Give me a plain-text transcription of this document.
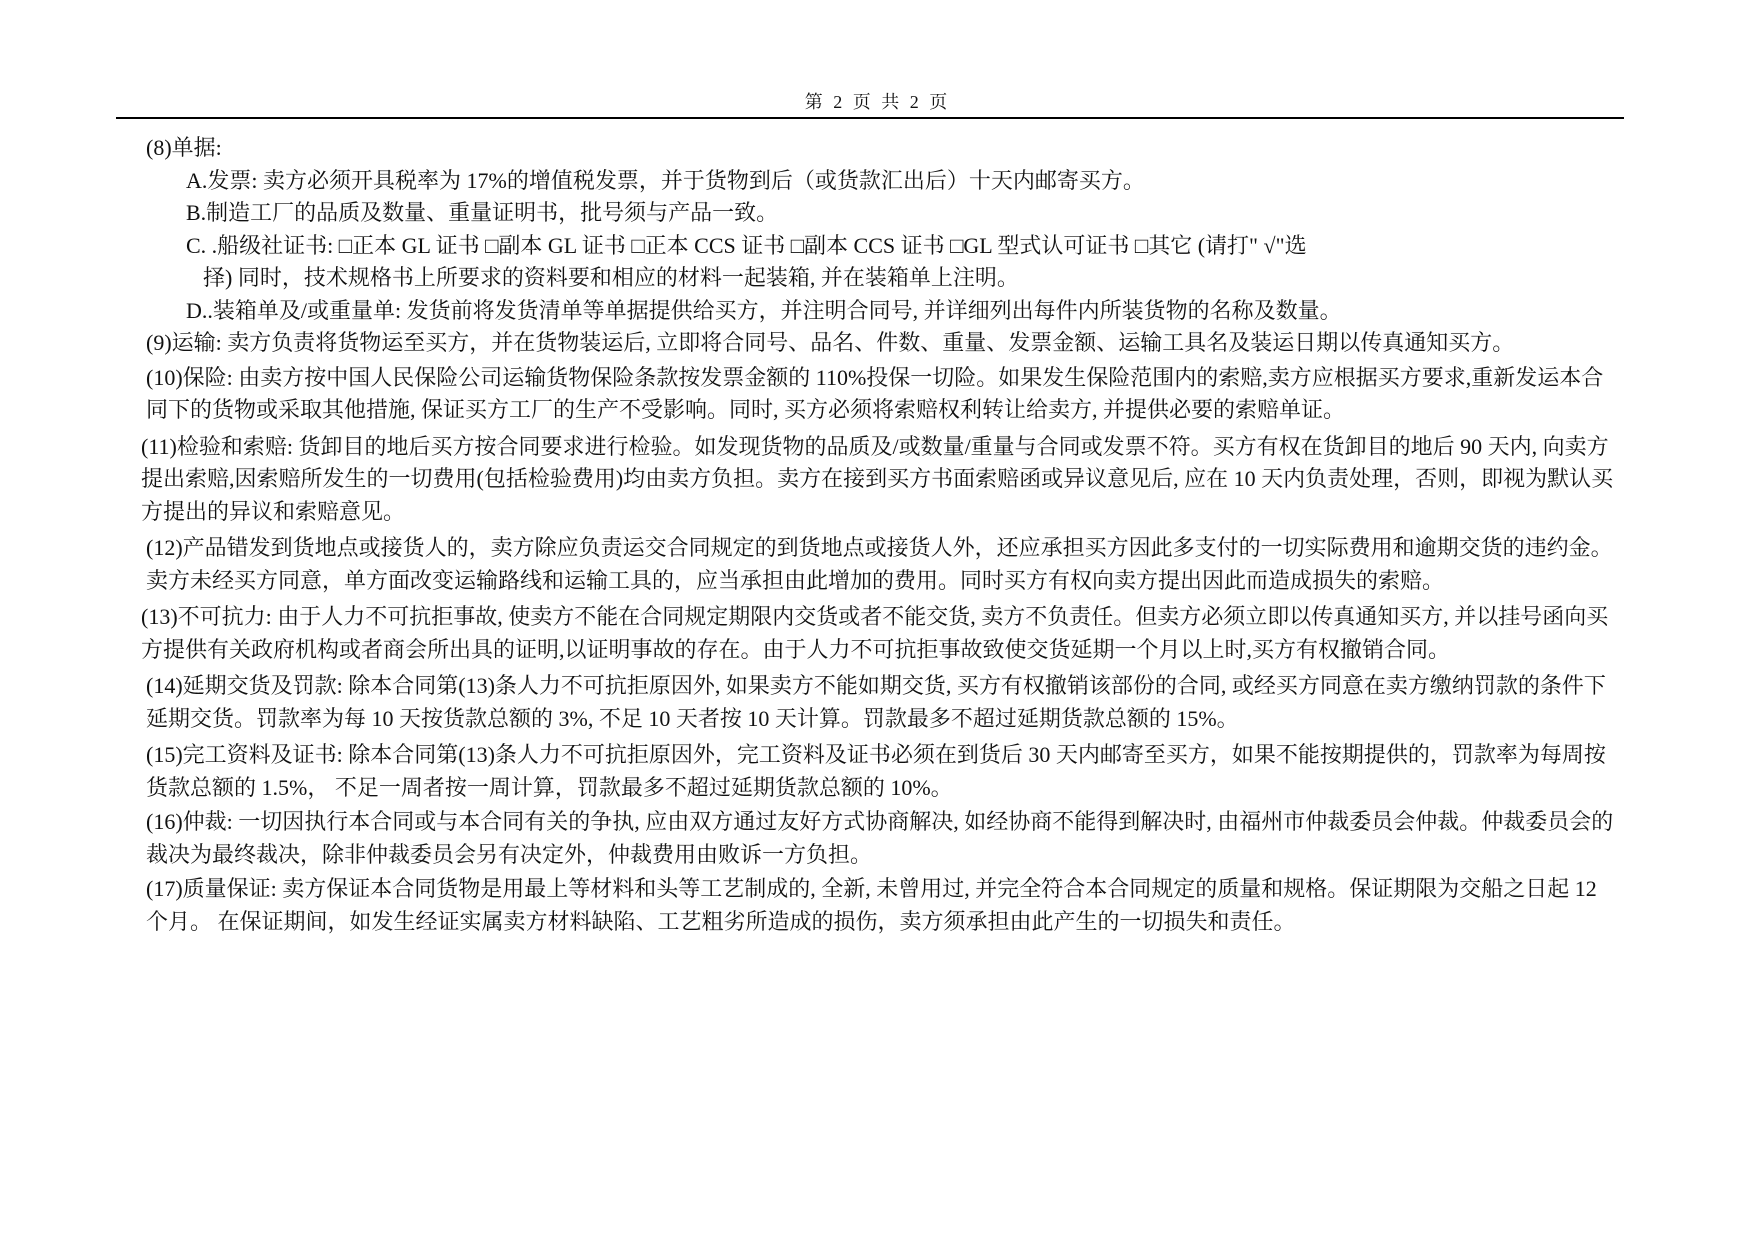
第 2 页 共 2 页

(8)单据:

A.发票: 卖方必须开具税率为 17%的增值税发票，并于货物到后（或货款汇出后）十天内邮寄买方。

B.制造工厂的品质及数量、重量证明书，批号须与产品一致。

C. .船级社证书: □正本 GL 证书 □副本 GL 证书 □正本 CCS 证书 □副本 CCS 证书 □GL 型式认可证书 □其它 (请打" √"选
择) 同时，技术规格书上所要求的资料要和相应的材料一起装箱, 并在装箱单上注明。

D..装箱单及/或重量单: 发货前将发货清单等单据提供给买方，并注明合同号, 并详细列出每件内所装货物的名称及数量。

(9)运输: 卖方负责将货物运至买方，并在货物装运后, 立即将合同号、品名、件数、重量、发票金额、运输工具名及装运日期以传真通知买方。

(10)保险: 由卖方按中国人民保险公司运输货物保险条款按发票金额的 110%投保一切险。如果发生保险范围内的索赔,卖方应根据买方要求,重新发运本合同下的货物或采取其他措施, 保证买方工厂的生产不受影响。同时, 买方必须将索赔权利转让给卖方, 并提供必要的索赔单证。

(11)检验和索赔: 货卸目的地后买方按合同要求进行检验。如发现货物的品质及/或数量/重量与合同或发票不符。买方有权在货卸目的地后 90 天内, 向卖方提出索赔,因索赔所发生的一切费用(包括检验费用)均由卖方负担。卖方在接到买方书面索赔函或异议意见后, 应在 10 天内负责处理，否则，即视为默认买方提出的异议和索赔意见。

(12)产品错发到货地点或接货人的，卖方除应负责运交合同规定的到货地点或接货人外，还应承担买方因此多支付的一切实际费用和逾期交货的违约金。卖方未经买方同意，单方面改变运输路线和运输工具的，应当承担由此增加的费用。同时买方有权向卖方提出因此而造成损失的索赔。

(13)不可抗力: 由于人力不可抗拒事故, 使卖方不能在合同规定期限内交货或者不能交货, 卖方不负责任。但卖方必须立即以传真通知买方, 并以挂号函向买方提供有关政府机构或者商会所出具的证明,以证明事故的存在。由于人力不可抗拒事故致使交货延期一个月以上时,买方有权撤销合同。

(14)延期交货及罚款: 除本合同第(13)条人力不可抗拒原因外, 如果卖方不能如期交货, 买方有权撤销该部份的合同, 或经买方同意在卖方缴纳罚款的条件下延期交货。罚款率为每 10 天按货款总额的 3%, 不足 10 天者按 10 天计算。罚款最多不超过延期货款总额的 15%。

(15)完工资料及证书: 除本合同第(13)条人力不可抗拒原因外，完工资料及证书必须在到货后 30 天内邮寄至买方，如果不能按期提供的，罚款率为每周按货款总额的 1.5%， 不足一周者按一周计算，罚款最多不超过延期货款总额的 10%。

(16)仲裁: 一切因执行本合同或与本合同有关的争执, 应由双方通过友好方式协商解决, 如经协商不能得到解决时, 由福州市仲裁委员会仲裁。仲裁委员会的裁决为最终裁决，除非仲裁委员会另有决定外，仲裁费用由败诉一方负担。

(17)质量保证: 卖方保证本合同货物是用最上等材料和头等工艺制成的, 全新, 未曾用过, 并完全符合本合同规定的质量和规格。保证期限为交船之日起 12 个月。 在保证期间，如发生经证实属卖方材料缺陷、工艺粗劣所造成的损伤，卖方须承担由此产生的一切损失和责任。
